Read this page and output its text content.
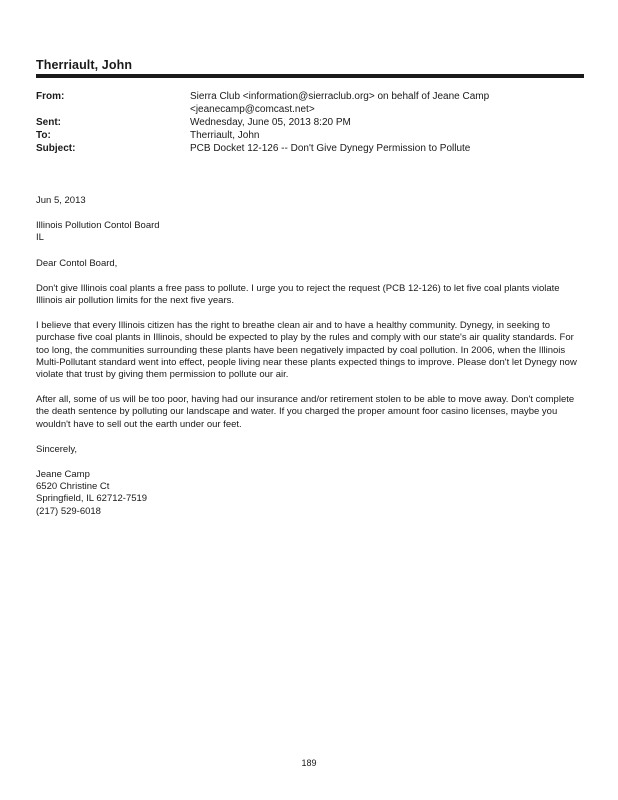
Therriault, John
From:	Sierra Club <information@sierraclub.org> on behalf of Jeane Camp <jeanecamp@comcast.net>
Sent:	Wednesday, June 05, 2013 8:20 PM
To:	Therriault, John
Subject:	PCB Docket 12-126 -- Don't Give Dynegy Permission to Pollute

Jun 5, 2013

Illinois Pollution Contol Board
IL

Dear Contol Board,

Don't give Illinois coal plants a free pass to pollute. I urge you to reject the request (PCB 12-126) to let five coal plants violate Illinois air pollution limits for the next five years.

I believe that every Illinois citizen has the right to breathe clean air and to have a healthy community. Dynegy, in seeking to purchase five coal plants in Illinois, should be expected to play by the rules and comply with our state's air quality standards. For too long, the communities surrounding these plants have been negatively impacted by coal pollution. In 2006, when the Illinois Multi-Pollutant standard went into effect, people living near these plants expected things to improve. Please don't let Dynegy now violate that trust by giving them permission to pollute our air.

After all, some of us will be too poor, having had our insurance and/or retirement stolen to be able to move away. Don't complete the death sentence by polluting our landscape and water. If you charged the proper amount foor casino licenses, maybe you wouldn't have to sell out the earth under our feet.

Sincerely,

Jeane Camp
6520 Christine Ct
Springfield, IL 62712-7519
(217) 529-6018
189
